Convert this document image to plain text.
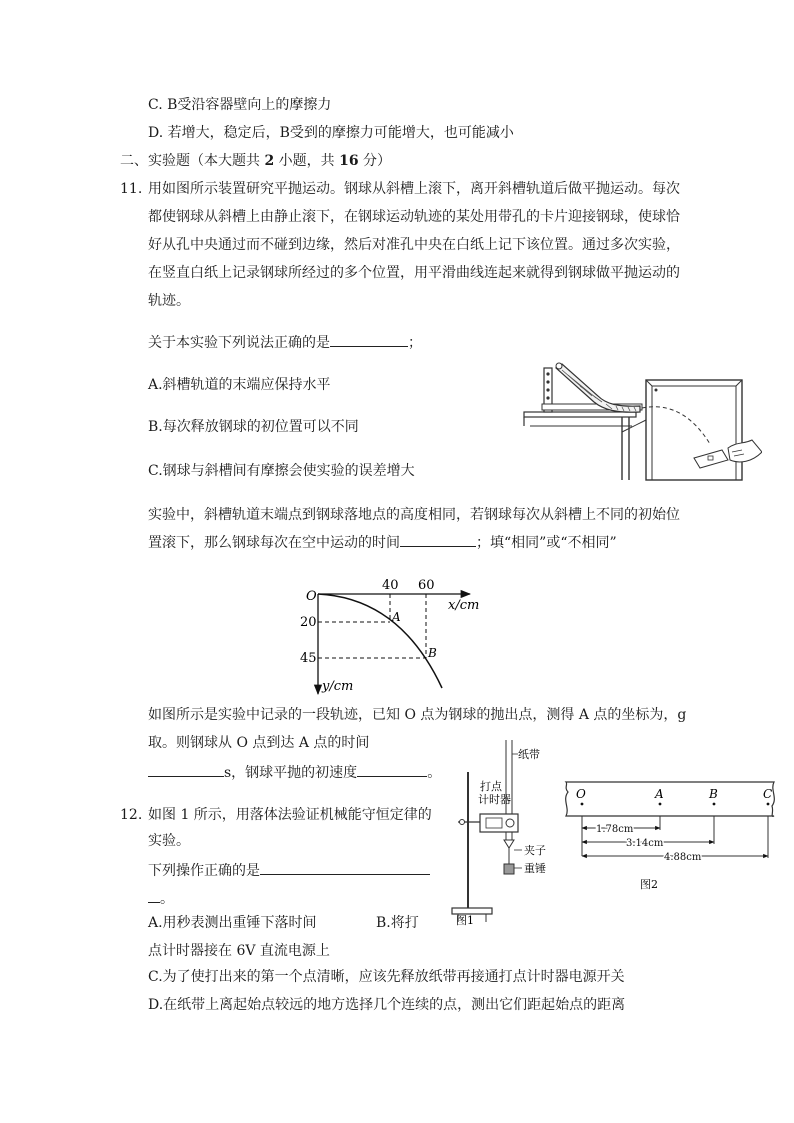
C. B受沿容器壁向上的摩擦力
D. 若增大，稳定后，B受到的摩擦力可能增大，也可能减小
二、实验题（本大题共 2 小题，共 16 分）
11. 用如图所示装置研究平抛运动。钢球从斜槽上滚下，离开斜槽轨道后做平抛运动。每次
都使钢球从斜槽上由静止滚下，在钢球运动轨迹的某处用带孔的卡片迎接钢球，使球恰
好从孔中央通过而不碰到边缘，然后对准孔中央在白纸上记下该位置。通过多次实验，
在竖直白纸上记录钢球所经过的多个位置，用平滑曲线连起来就得到钢球做平抛运动的
轨迹。
关于本实验下列说法正确的是	；
A.斜槽轨道的末端应保持水平
B.每次释放钢球的初位置可以不同
C.钢球与斜槽间有摩擦会使实验的误差增大
实验中，斜槽轨道末端点到钢球落地点的高度相同，若钢球每次从斜槽上不同的初始位
置滚下，那么钢球每次在空中运动的时间	；填“相同”或“不相同”
O
40 60
x/cm
20
45
y/cm
A
B
如图所示是实验中记录的一段轨迹，已知 O 点为钢球的抛出点，测得 A 点的坐标为，g
取。则钢球从 O 点到达 A 点的时间
s，钢球平抛的初速度	。
12. 如图 1 所示，用落体法验证机械能守恒定律的
实验。
下列操作正确的是
。
A.用秒表测出重锤下落时间	B.将打
点计时器接在 6V 直流电源上
C.为了使打出来的第一个点清晰，应该先释放纸带再接通打点计时器电源开关
D.在纸带上离起始点较远的地方选择几个连续的点，测出它们距起始点的距离
纸带
打点
计时器
夹子
重锤
图1
O	A	B	C
1.78cm
3.14cm
4.88cm
图2
